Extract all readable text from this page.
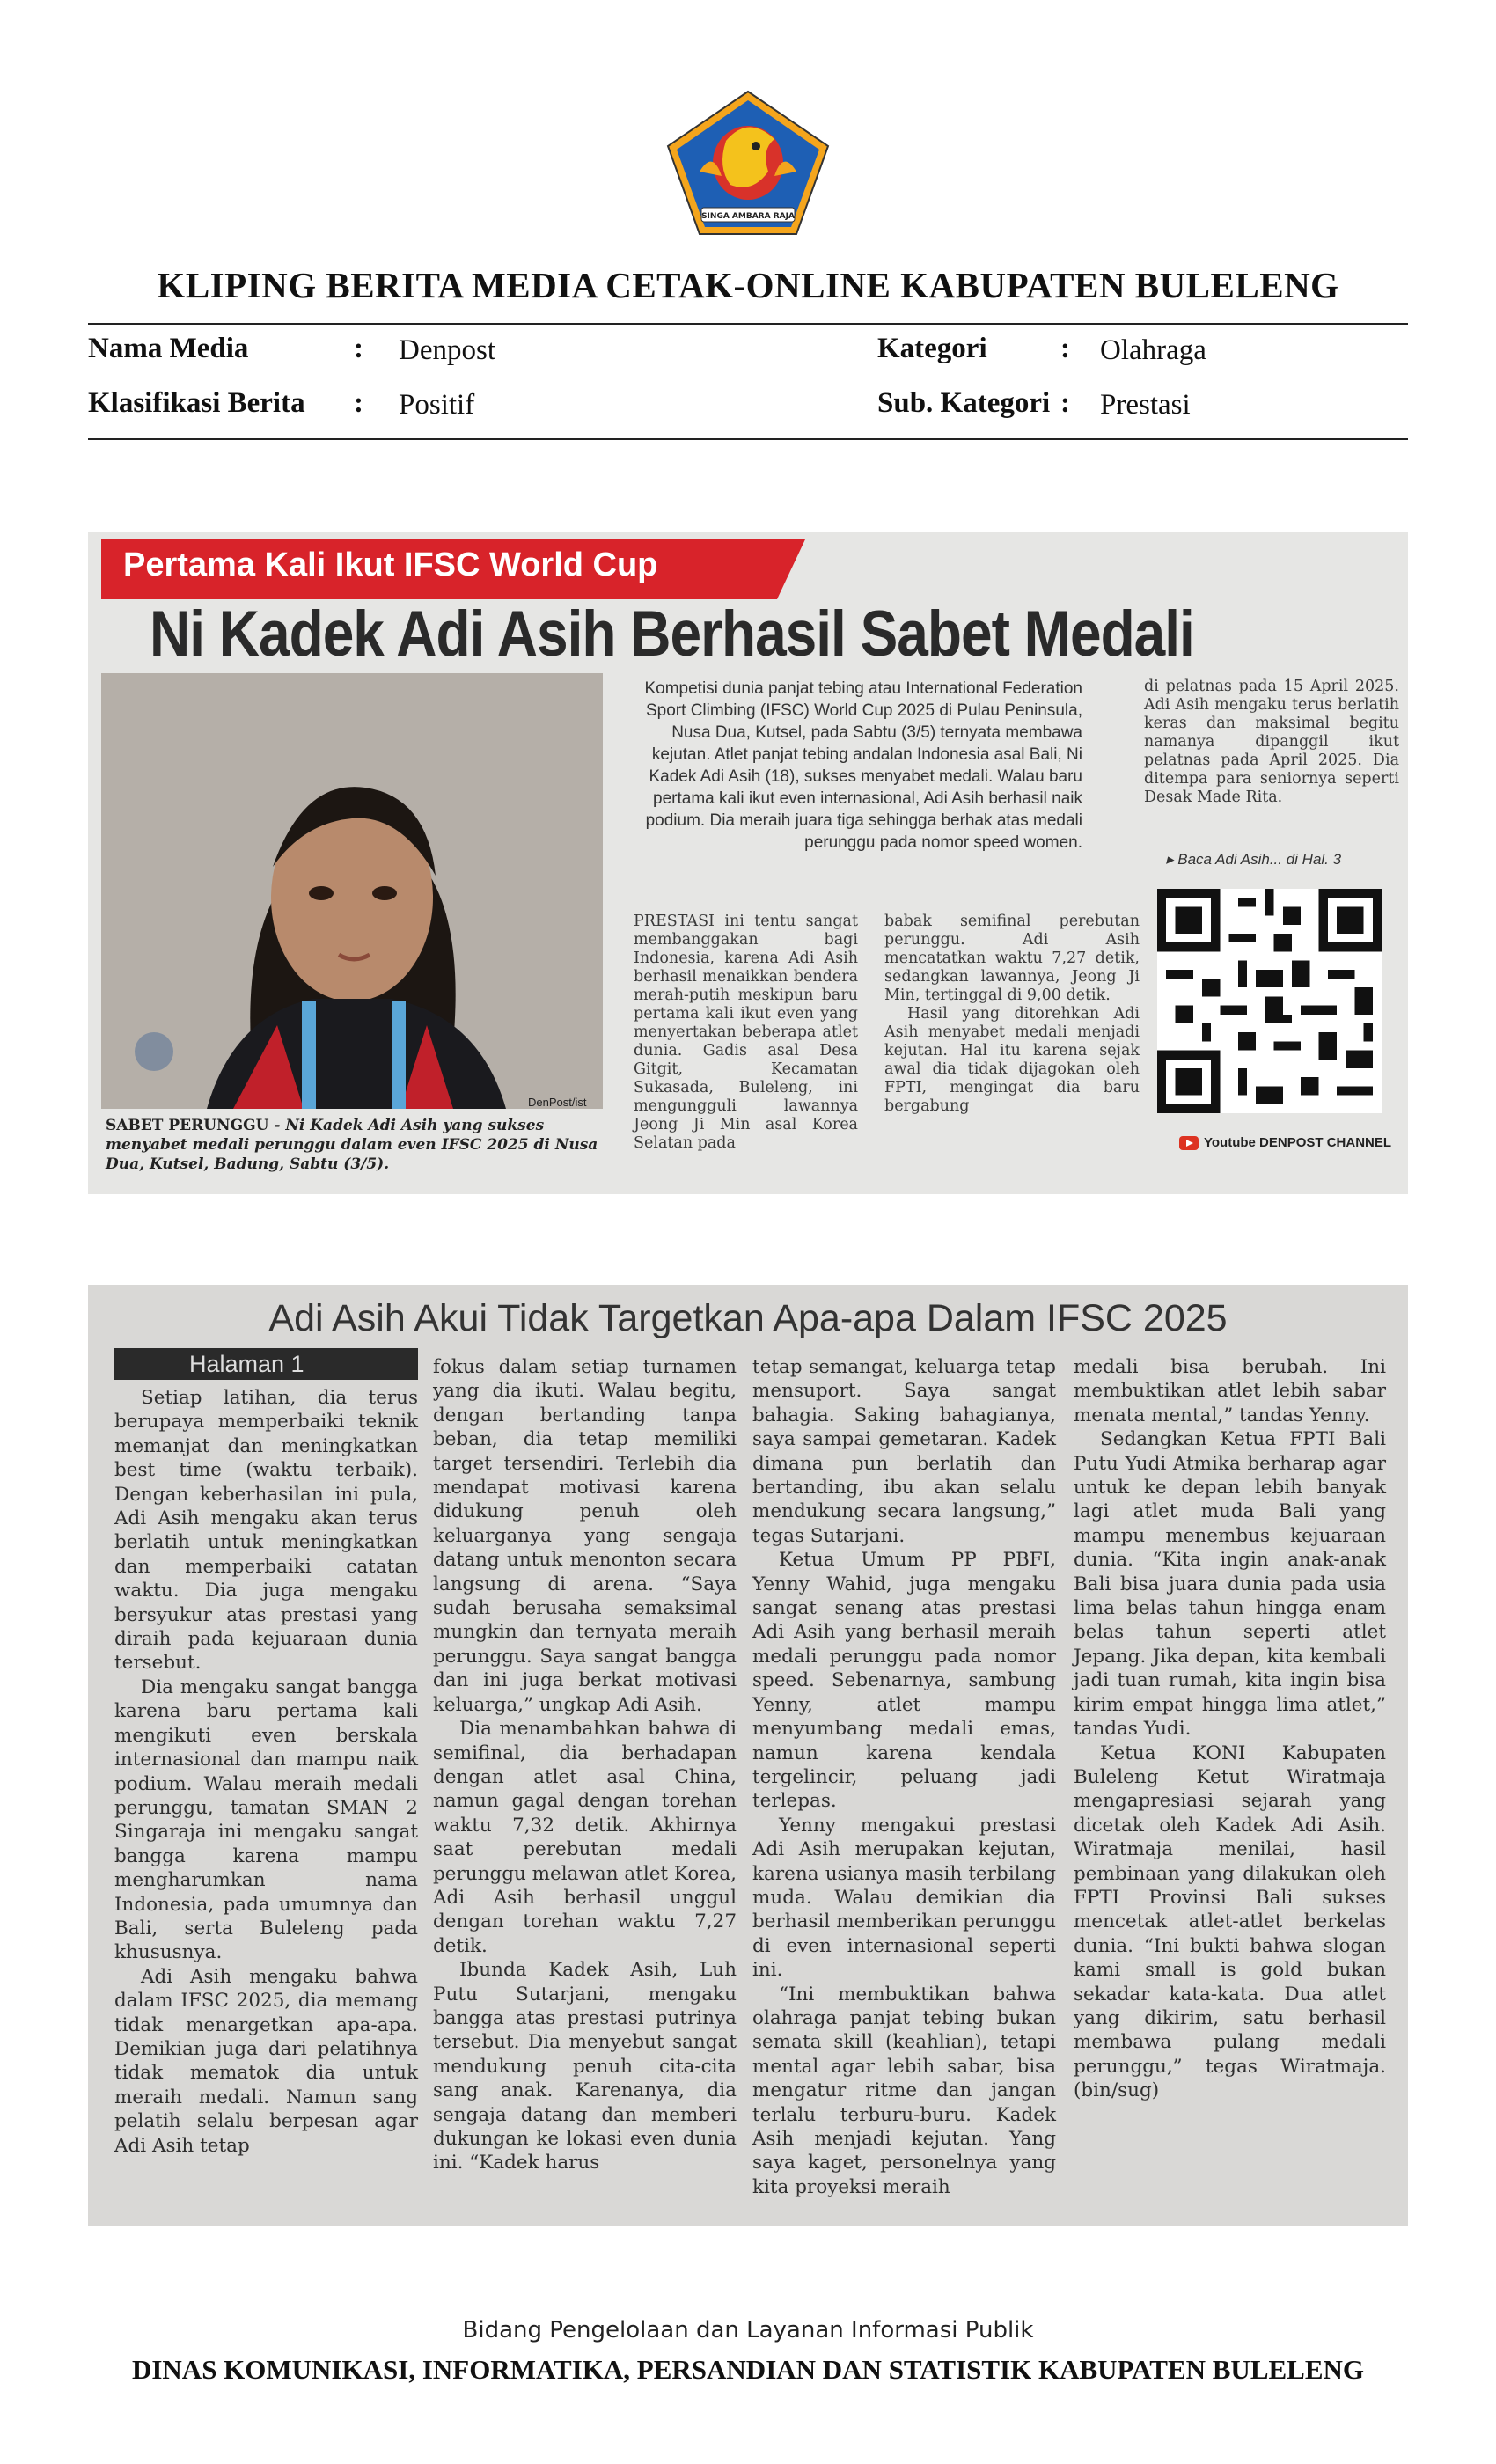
SINGA AMBARA RAJA
KLIPING BERITA MEDIA CETAK-ONLINE KABUPATEN BULELENG
Nama Media	: Denpost
Klasifikasi Berita : Positif
Kategori	: Olahraga
Sub. Kategori : Prestasi
Pertama Kali Ikut IFSC World Cup
Ni Kadek Adi Asih Berhasil Sabet Medali
DenPost/ist
SABET PERUNGGU - Ni Kadek Adi Asih yang sukses menyabet medali perunggu dalam even IFSC 2025 di Nusa Dua, Kutsel, Badung, Sabtu (3/5).
Kompetisi dunia panjat tebing atau International Federation Sport Climbing (IFSC) World Cup 2025 di Pulau Peninsula, Nusa Dua, Kutsel, pada Sabtu (3/5) ternyata membawa kejutan. Atlet panjat tebing andalan Indonesia asal Bali, Ni Kadek Adi Asih (18), sukses menyabet medali. Walau baru pertama kali ikut even internasional, Adi Asih berhasil naik podium. Dia meraih juara tiga sehingga berhak atas medali perunggu pada nomor speed women.
di pelatnas pada 15 April 2025. Adi Asih mengaku terus berlatih keras dan maksimal begitu namanya dipanggil ikut pelatnas pada April 2025. Dia ditempa para seniornya seperti Desak Made Rita.
▸ Baca Adi Asih... di Hal. 3
PRESTASI ini tentu sangat membanggakan bagi Indonesia, karena Adi Asih berhasil menaikkan bendera merah-putih meskipun baru pertama kali ikut even yang menyertakan beberapa atlet dunia. Gadis asal Desa Gitgit, Kecamatan Sukasada, Buleleng, ini mengungguli lawannya Jeong Ji Min asal Korea Selatan pada

babak semifinal perebutan perunggu. Adi Asih mencatatkan waktu 7,27 detik, sedangkan lawannya, Jeong Ji Min, tertinggal di 9,00 detik.

Hasil yang ditorehkan Adi Asih menyabet medali menjadi kejutan. Hal itu karena sejak awal dia tidak dijagokan oleh FPTI, mengingat dia baru bergabung

Youtube DENPOST CHANNEL
Adi Asih Akui Tidak Targetkan Apa-apa Dalam IFSC 2025
Halaman 1

Setiap latihan, dia terus berupaya memperbaiki teknik memanjat dan meningkatkan best time (waktu terbaik). Dengan keberhasilan ini pula, Adi Asih mengaku akan terus berlatih untuk meningkatkan dan memperbaiki catatan waktu. Dia juga mengaku bersyukur atas prestasi yang diraih pada kejuaraan dunia tersebut.

Dia mengaku sangat bangga karena baru pertama kali mengikuti even berskala internasional dan mampu naik podium. Walau meraih medali perunggu, tamatan SMAN 2 Singaraja ini mengaku sangat bangga karena mampu mengharumkan nama Indonesia, pada umumnya dan Bali, serta Buleleng pada khususnya.

Adi Asih mengaku bahwa dalam IFSC 2025, dia memang tidak menargetkan apa-apa. Demikian juga dari pelatihnya tidak mematok dia untuk meraih medali. Namun sang pelatih selalu berpesan agar Adi Asih tetap

fokus dalam setiap turnamen yang dia ikuti. Walau begitu, dengan bertanding tanpa beban, dia tetap memiliki target tersendiri. Terlebih dia mendapat motivasi karena didukung penuh oleh keluarganya yang sengaja datang untuk menonton secara langsung di arena. “Saya sudah berusaha semaksimal mungkin dan ternyata meraih perunggu. Saya sangat bangga dan ini juga berkat motivasi keluarga,” ungkap Adi Asih.

Dia menambahkan bahwa di semifinal, dia berhadapan dengan atlet asal China, namun gagal dengan torehan waktu 7,32 detik. Akhirnya saat perebutan medali perunggu melawan atlet Korea, Adi Asih berhasil unggul dengan torehan waktu 7,27 detik.

Ibunda Kadek Asih, Luh Putu Sutarjani, mengaku bangga atas prestasi putrinya tersebut. Dia menyebut sangat mendukung penuh cita-cita sang anak. Karenanya, dia sengaja datang dan memberi dukungan ke lokasi even dunia ini. “Kadek harus

tetap semangat, keluarga tetap mensuport. Saya sangat bahagia. Saking bahagianya, saya sampai gemetaran. Kadek dimana pun berlatih dan bertanding, ibu akan selalu mendukung secara langsung,” tegas Sutarjani.

Ketua Umum PP PBFI, Yenny Wahid, juga mengaku sangat senang atas prestasi Adi Asih yang berhasil meraih medali perunggu pada nomor speed. Sebenarnya, sambung Yenny, atlet mampu menyumbang medali emas, namun karena kendala tergelincir, peluang jadi terlepas.

Yenny mengakui prestasi Adi Asih merupakan kejutan, karena usianya masih terbilang muda. Walau demikian dia berhasil memberikan perunggu di even internasional seperti ini.

“Ini membuktikan bahwa olahraga panjat tebing bukan semata skill (keahlian), tetapi mental agar lebih sabar, bisa mengatur ritme dan jangan terlalu terburu-buru. Kadek Asih menjadi kejutan. Yang saya kaget, personelnya yang kita proyeksi meraih

medali bisa berubah. Ini membuktikan atlet lebih sabar menata mental,” tandas Yenny.

Sedangkan Ketua FPTI Bali Putu Yudi Atmika berharap agar untuk ke depan lebih banyak lagi atlet muda Bali yang mampu menembus kejuaraan dunia. “Kita ingin anak-anak Bali bisa juara dunia pada usia lima belas tahun hingga enam belas tahun seperti atlet Jepang. Jika depan, kita kembali jadi tuan rumah, kita ingin bisa kirim empat hingga lima atlet,” tandas Yudi.

Ketua KONI Kabupaten Buleleng Ketut Wiratmaja mengapresiasi sejarah yang dicetak oleh Kadek Adi Asih. Wiratmaja menilai, hasil pembinaan yang dilakukan oleh FPTI Provinsi Bali sukses mencetak atlet-atlet berkelas dunia. “Ini bukti bahwa slogan kami small is gold bukan sekadar kata-kata. Dua atlet yang dikirim, satu berhasil membawa pulang medali perunggu,” tegas Wiratmaja. (bin/sug)

Bidang Pengelolaan dan Layanan Informasi Publik
DINAS KOMUNIKASI, INFORMATIKA, PERSANDIAN DAN STATISTIK KABUPATEN BULELENG
